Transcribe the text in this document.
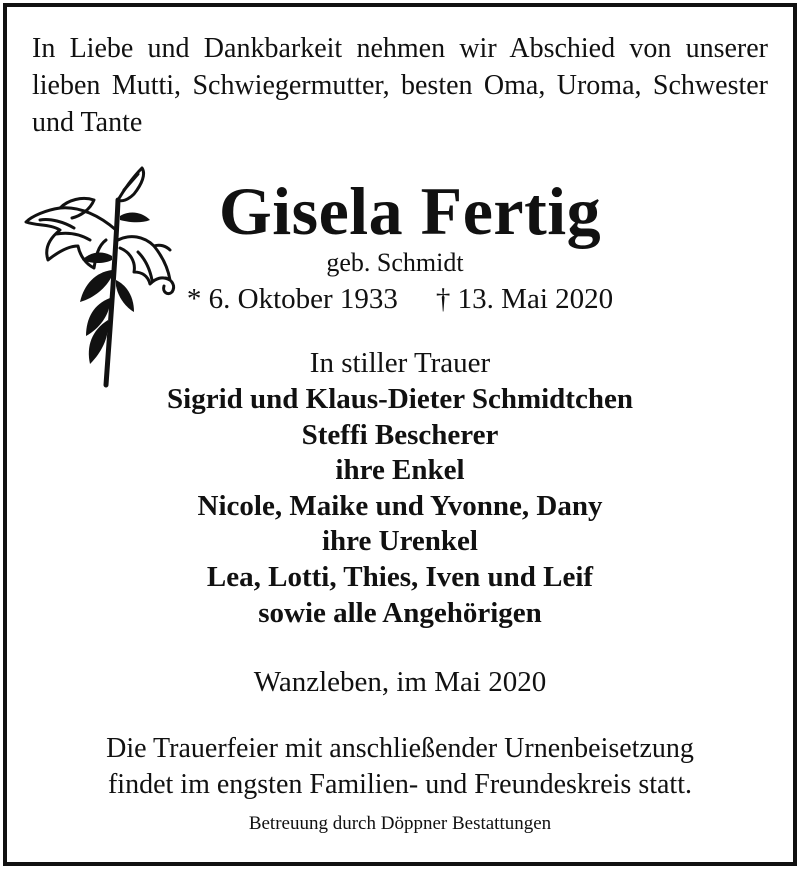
In Liebe und Dankbarkeit nehmen wir Abschied von unserer lieben Mutti, Schwiegermutter, besten Oma, Uroma, Schwester und Tante
Gisela Fertig
geb. Schmidt
* 6. Oktober 1933 † 13. Mai 2020
In stiller Trauer
Sigrid und Klaus-Dieter Schmidtchen
Steffi Bescherer
ihre Enkel
Nicole, Maike und Yvonne, Dany
ihre Urenkel
Lea, Lotti, Thies, Iven und Leif
sowie alle Angehörigen
Wanzleben, im Mai 2020
Die Trauerfeier mit anschließender Urnenbeisetzung
findet im engsten Familien- und Freundeskreis statt.
Betreuung durch Döppner Bestattungen
